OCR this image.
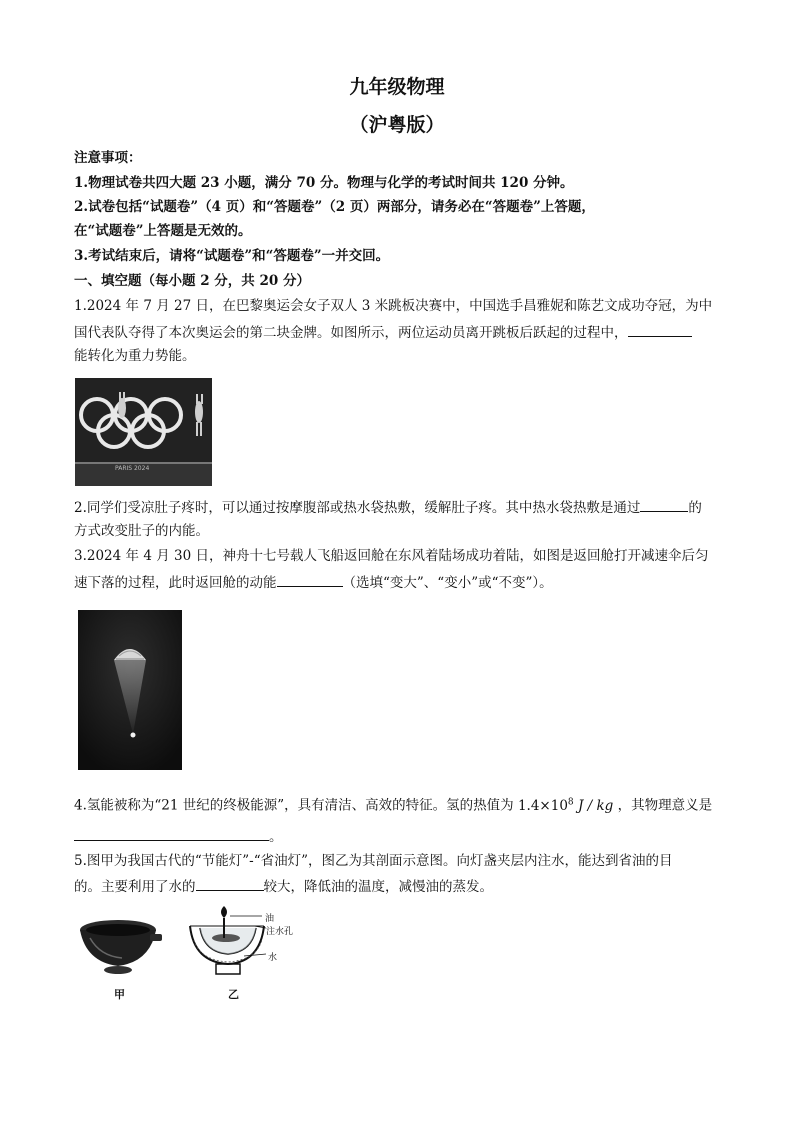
九年级物理
（沪粤版）
注意事项：
1.物理试卷共四大题 23 小题，满分 70 分。物理与化学的考试时间共 120 分钟。
2.试卷包括“试题卷”（4 页）和“答题卷”（2 页）两部分，请务必在“答题卷”上答题，
在“试题卷”上答题是无效的。
3.考试结束后，请将“试题卷”和“答题卷”一并交回。
一、填空题（每小题 2 分，共 20 分）
1.2024 年 7 月 27 日，在巴黎奥运会女子双人 3 米跳板决赛中，中国选手昌雅妮和陈艺文成功夺冠，为中
国代表队夺得了本次奥运会的第二块金牌。如图所示，两位运动员离开跳板后跃起的过程中，
能转化为重力势能。
PARIS 2024
2.同学们受凉肚子疼时，可以通过按摩腹部或热水袋热敷，缓解肚子疼。其中热水袋热敷是通过	的
方式改变肚子的内能。
3.2024 年 4 月 30 日，神舟十七号载人飞船返回舱在东风着陆场成功着陆，如图是返回舱打开减速伞后匀
速下落的过程，此时返回舱的动能	（选填“变大”、“变小”或“不变”）。
4.氢能被称为“21 世纪的终极能源”，具有清洁、高效的特征。氢的热值为 $1.4\times 10^8$ J / kg ，其物理意义是
。
5.图甲为我国古代的“节能灯”-“省油灯”，图乙为其剖面示意图。向灯盏夹层内注水，能达到省油的目
的。主要利用了水的	较大，降低油的温度，减慢油的蒸发。
甲
油
注水孔
水
乙
